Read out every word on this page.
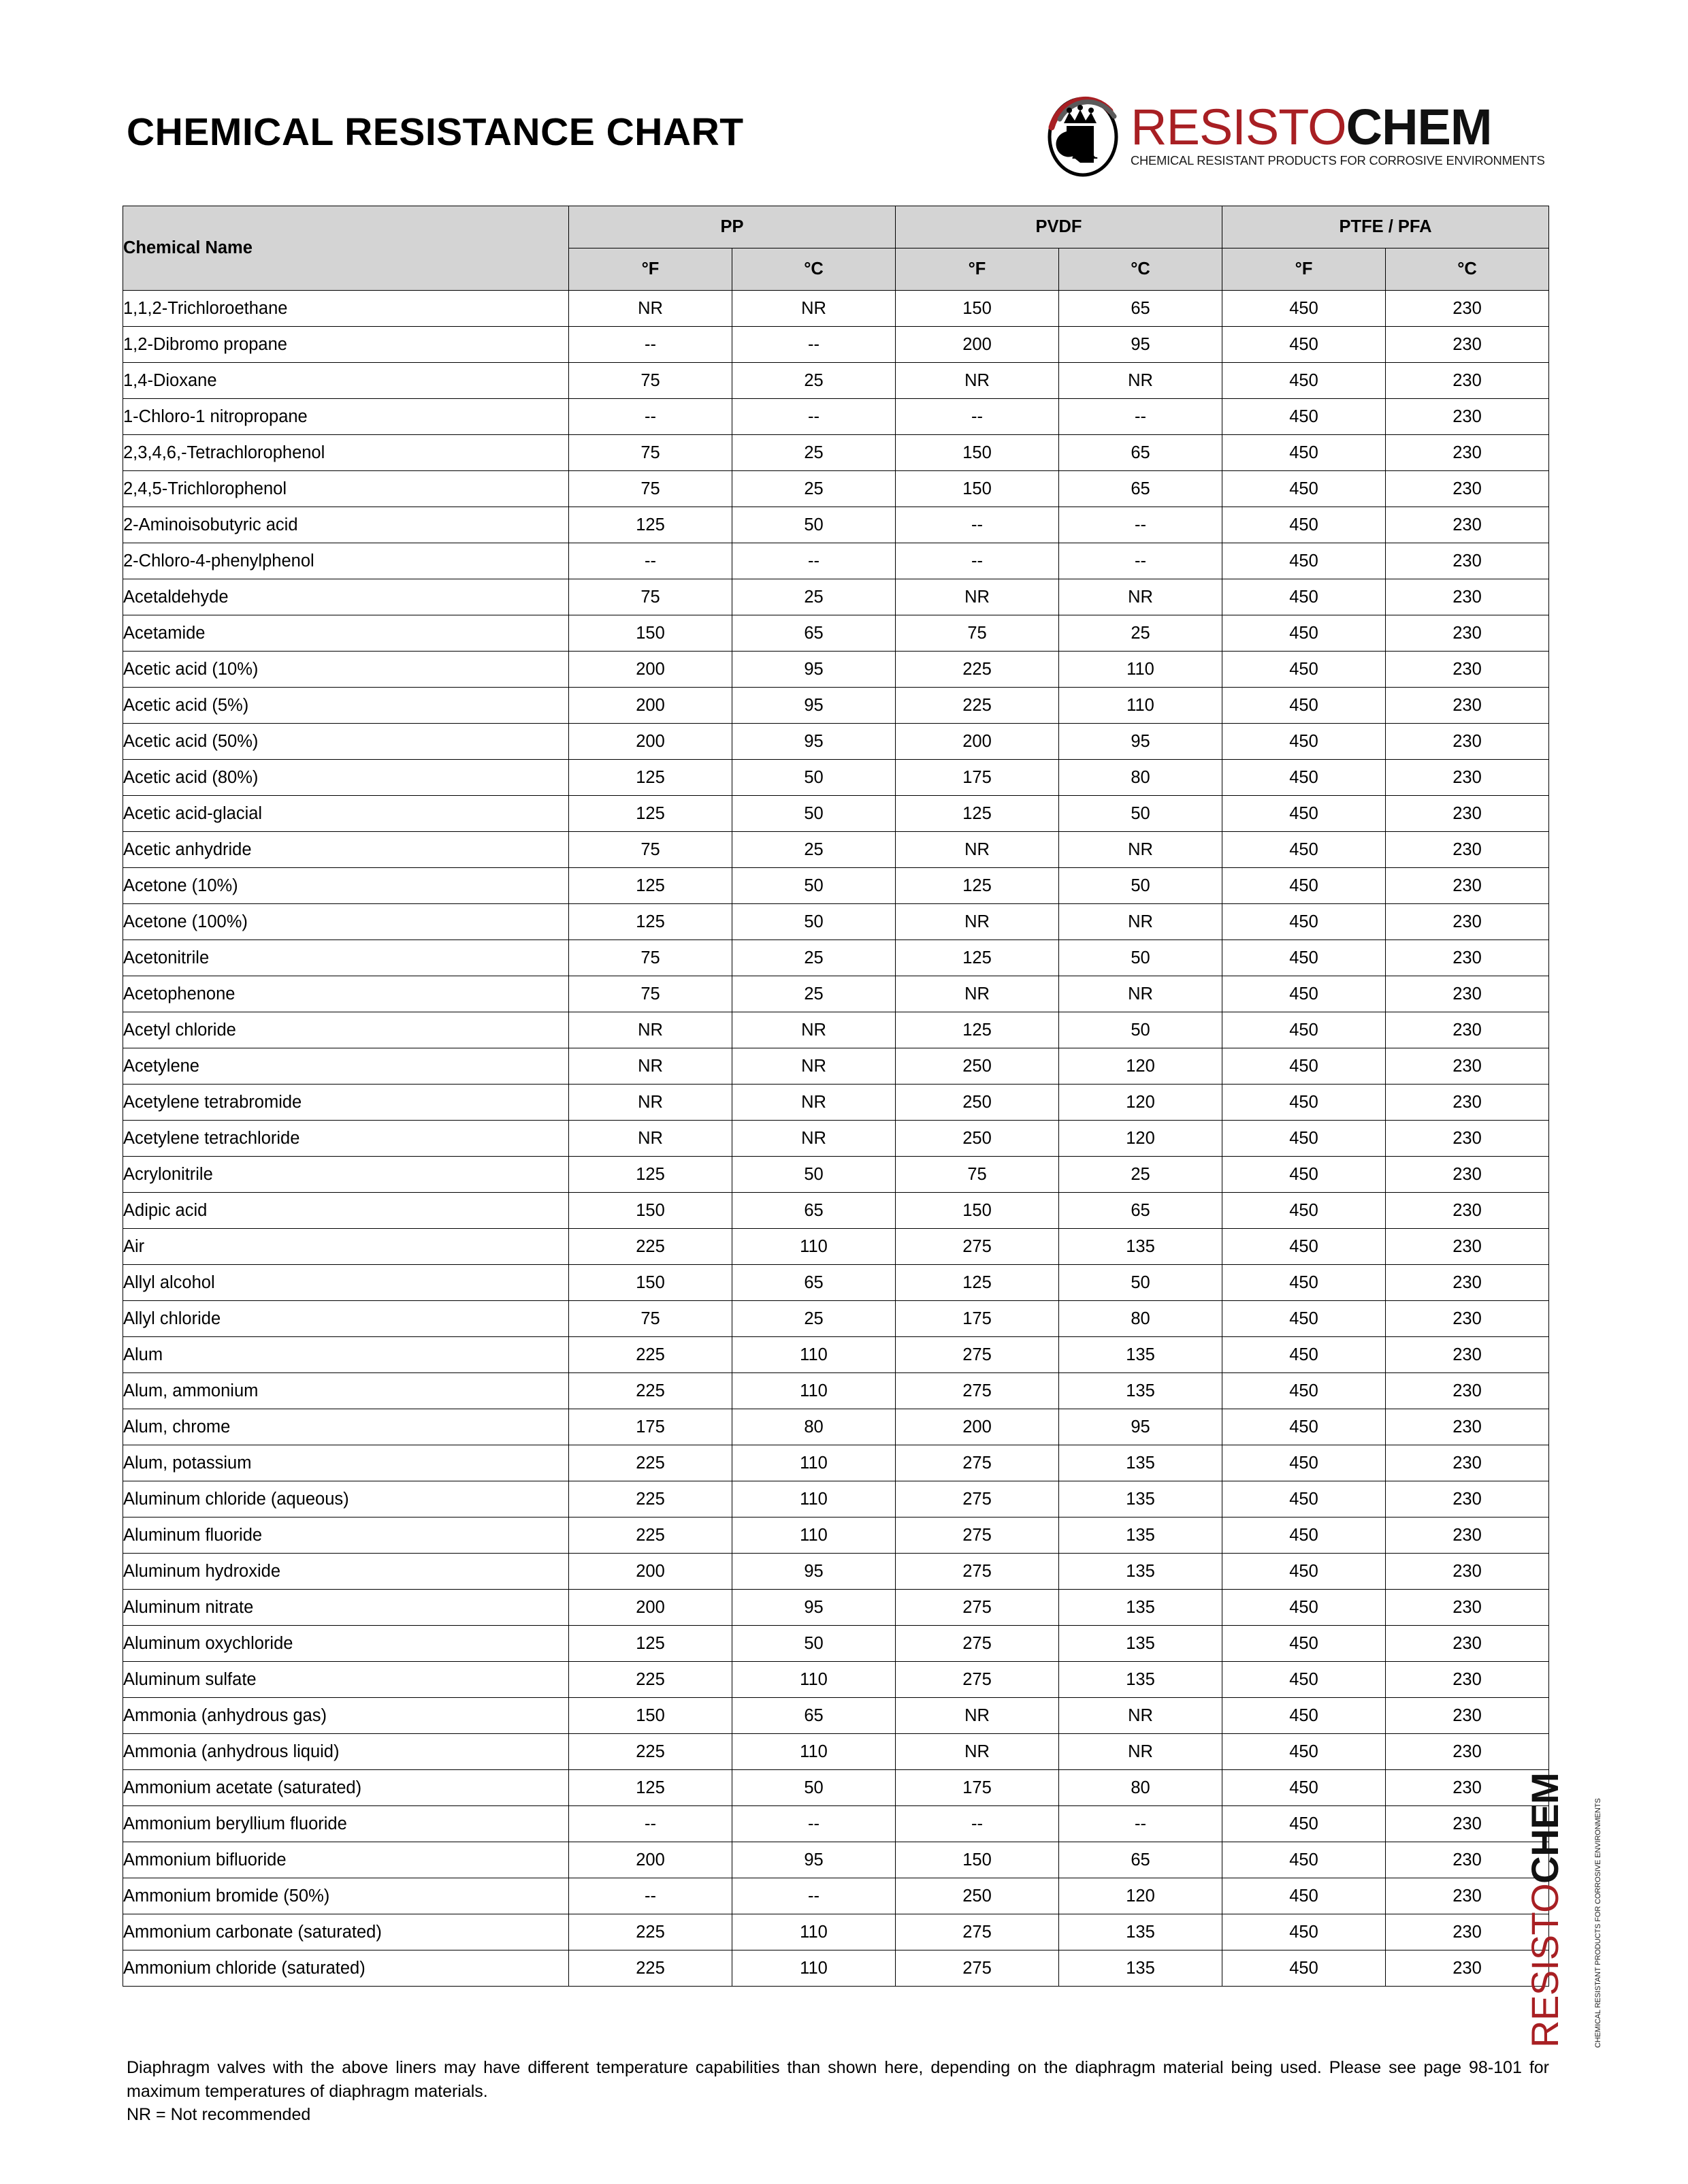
CHEMICAL RESISTANCE CHART	R RESISTOCHEM
CHEMICAL RESISTANT PRODUCTS FOR CORROSIVE ENVIRONMENTS
Chemical Name	PP		PVDF		PTFE / PFA	
	°F	°C	°F	°C	°F	°C
1,1,2-Trichloroethane	NR	NR	150	65	450	230
1,2-Dibromo propane	--	--	200	95	450	230
1,4-Dioxane	75	25	NR	NR	450	230
1-Chloro-1 nitropropane	--	--	--	--	450	230
2,3,4,6,-Tetrachlorophenol	75	25	150	65	450	230
2,4,5-Trichlorophenol	75	25	150	65	450	230
2-Aminoisobutyric acid	125	50	--	--	450	230
2-Chloro-4-phenylphenol	--	--	--	--	450	230
Acetaldehyde	75	25	NR	NR	450	230
Acetamide	150	65	75	25	450	230
Acetic acid (10%)	200	95	225	110	450	230
Acetic acid (5%)	200	95	225	110	450	230
Acetic acid (50%)	200	95	200	95	450	230
Acetic acid (80%)	125	50	175	80	450	230
Acetic acid-glacial	125	50	125	50	450	230
Acetic anhydride	75	25	NR	NR	450	230
Acetone (10%)	125	50	125	50	450	230
Acetone (100%)	125	50	NR	NR	450	230
Acetonitrile	75	25	125	50	450	230
Acetophenone	75	25	NR	NR	450	230
Acetyl chloride	NR	NR	125	50	450	230
Acetylene	NR	NR	250	120	450	230
Acetylene tetrabromide	NR	NR	250	120	450	230
Acetylene tetrachloride	NR	NR	250	120	450	230
Acrylonitrile	125	50	75	25	450	230
Adipic acid	150	65	150	65	450	230
Air	225	110	275	135	450	230
Allyl alcohol	150	65	125	50	450	230
Allyl chloride	75	25	175	80	450	230
Alum	225	110	275	135	450	230
Alum, ammonium	225	110	275	135	450	230
Alum, chrome	175	80	200	95	450	230
Alum, potassium	225	110	275	135	450	230
Aluminum chloride (aqueous)	225	110	275	135	450	230
Aluminum fluoride	225	110	275	135	450	230
Aluminum hydroxide	200	95	275	135	450	230
Aluminum nitrate	200	95	275	135	450	230
Aluminum oxychloride	125	50	275	135	450	230
Aluminum sulfate	225	110	275	135	450	230
Ammonia (anhydrous gas)	150	65	NR	NR	450	230
Ammonia (anhydrous liquid)	225	110	NR	NR	450	230
Ammonium acetate (saturated)	125	50	175	80	450	230
Ammonium beryllium fluoride	--	--	--	--	450	230
Ammonium bifluoride	200	95	150	65	450	230
Ammonium bromide (50%)	--	--	250	120	450	230
Ammonium carbonate (saturated)	225	110	275	135	450	230
Ammonium chloride (saturated)	225	110	275	135	450	230

Diaphragm valves with the above liners may have different temperature capabilities than shown here, depending on the diaphragm material being used. Please see page 98-101 for maximum temperatures of diaphragm materials.

NR = Not recommended

RESISTOCHEM	CHEMICAL RESISTANT PRODUCTS FOR CORROSIVE ENVIRONMENTS
